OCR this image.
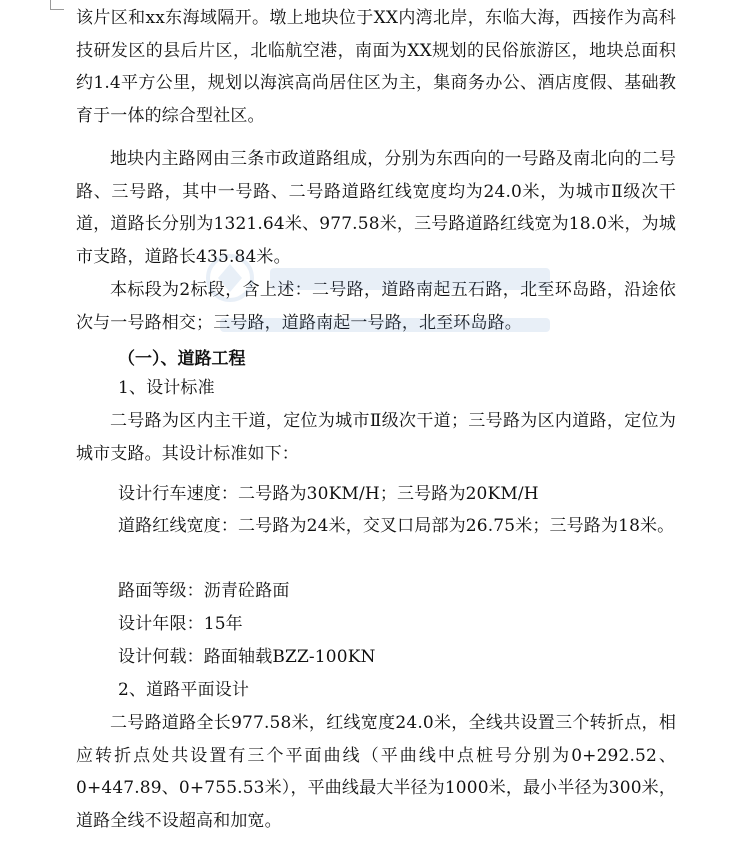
该片区和xx东海域隔开。墩上地块位于XX内湾北岸，东临大海，西接作为高科技研发区的县后片区，北临航空港，南面为XX规划的民俗旅游区，地块总面积约1.4平方公里，规划以海滨高尚居住区为主，集商务办公、酒店度假、基础教育于一体的综合型社区。

地块内主路网由三条市政道路组成，分别为东西向的一号路及南北向的二号路、三号路，其中一号路、二号路道路红线宽度均为24.0米，为城市Ⅱ级次干道，道路长分别为1321.64米、977.58米，三号路道路红线宽为18.0米，为城市支路，道路长435.84米。

本标段为2标段，含上述：二号路，道路南起五石路，北至环岛路，沿途依次与一号路相交；三号路，道路南起一号路，北至环岛路。

（一）、道路工程

1、设计标准

二号路为区内主干道，定位为城市Ⅱ级次干道；三号路为区内道路，定位为城市支路。其设计标准如下：

设计行车速度：二号路为30KM/H；三号路为20KM/H

道路红线宽度：二号路为24米，交叉口局部为26.75米；三号路为18米。

路面等级：沥青砼路面

设计年限：15年

设计何载：路面轴载BZZ-100KN

2、道路平面设计

二号路道路全长977.58米，红线宽度24.0米，全线共设置三个转折点，相应转折点处共设置有三个平面曲线（平曲线中点桩号分别为0+292.52、0+447.89、0+755.53米），平曲线最大半径为1000米，最小半径为300米，道路全线不设超高和加宽。
